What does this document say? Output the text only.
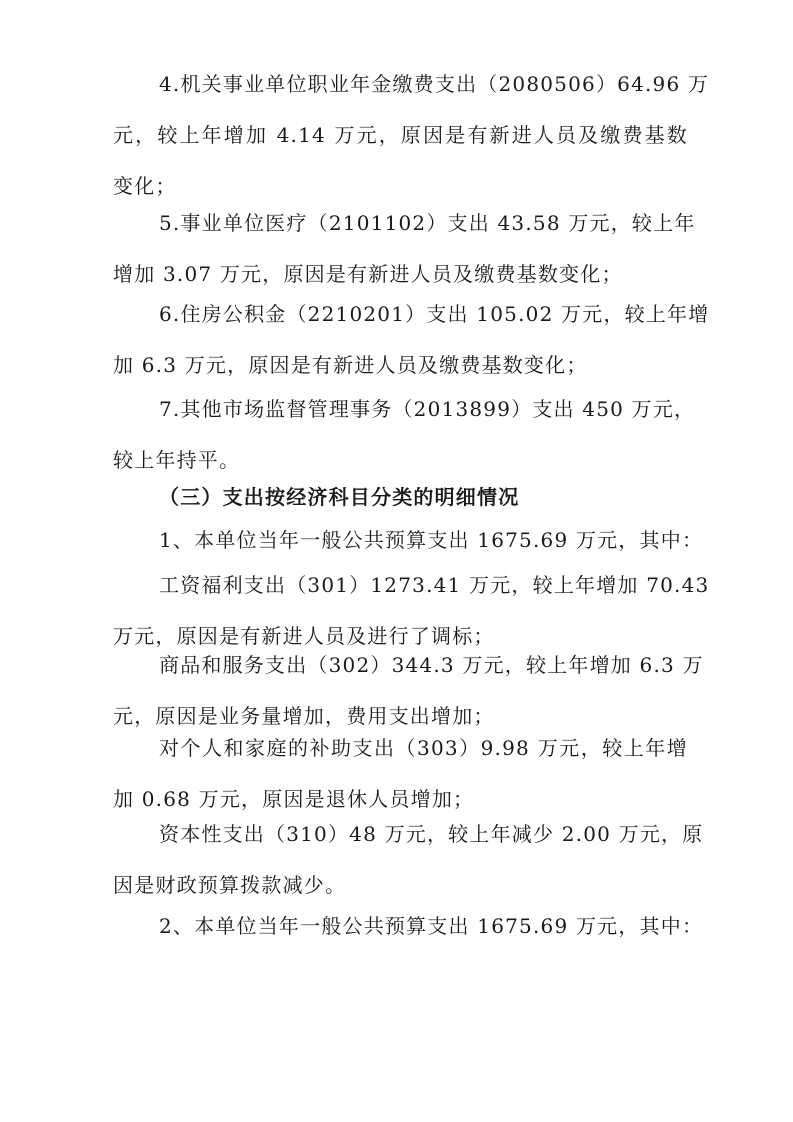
4.机关事业单位职业年金缴费支出（2080506）64.96 万
元，较上年增加 4.14 万元，原因是有新进人员及缴费基数
变化；
5.事业单位医疗（2101102）支出 43.58 万元，较上年
增加 3.07 万元，原因是有新进人员及缴费基数变化；
6.住房公积金（2210201）支出 105.02 万元，较上年增
加 6.3 万元，原因是有新进人员及缴费基数变化；
7.其他市场监督管理事务（2013899）支出 450 万元，
较上年持平。
（三）支出按经济科目分类的明细情况
1、本单位当年一般公共预算支出 1675.69 万元，其中：
工资福利支出（301）1273.41 万元，较上年增加 70.43
万元，原因是有新进人员及进行了调标；
商品和服务支出（302）344.3 万元，较上年增加 6.3 万
元，原因是业务量增加，费用支出增加；
对个人和家庭的补助支出（303）9.98 万元，较上年增
加 0.68 万元，原因是退休人员增加；
资本性支出（310）48 万元，较上年减少 2.00 万元，原
因是财政预算拨款减少。
2、本单位当年一般公共预算支出 1675.69 万元，其中：
